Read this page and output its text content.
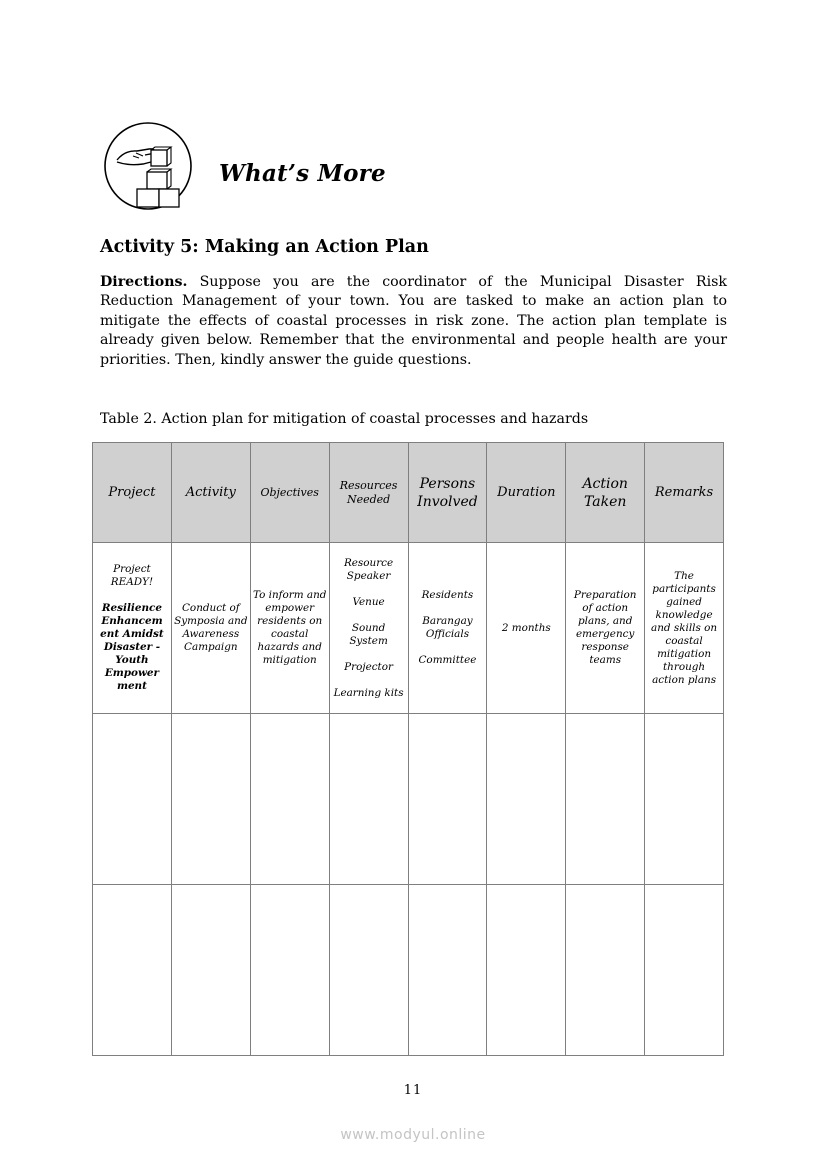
What’s More
Activity 5: Making an Action Plan
Directions. Suppose you are the coordinator of the Municipal Disaster Risk Reduction Management of your town. You are tasked to make an action plan to mitigate the effects of coastal processes in risk zone. The action plan template is already given below. Remember that the environmental and people health are your priorities. Then, kindly answer the guide questions.
Table 2. Action plan for mitigation of coastal processes and hazards
Project	Activity	Objectives	Resources Needed	Persons Involved	Duration	Action Taken	Remarks
Project READY!
Resilience Enhancem ent Amidst Disaster -Youth Empower ment	Conduct of Symposia and Awareness Campaign	To inform and empower residents on coastal hazards and mitigation	Resource Speaker
Venue
Sound System
Projector
Learning kits	Residents
Barangay Officials
Committee	2 months	Preparation of action plans, and emergency response teams	The participants gained knowledge and skills on coastal mitigation through action plans

11
www.modyul.online
